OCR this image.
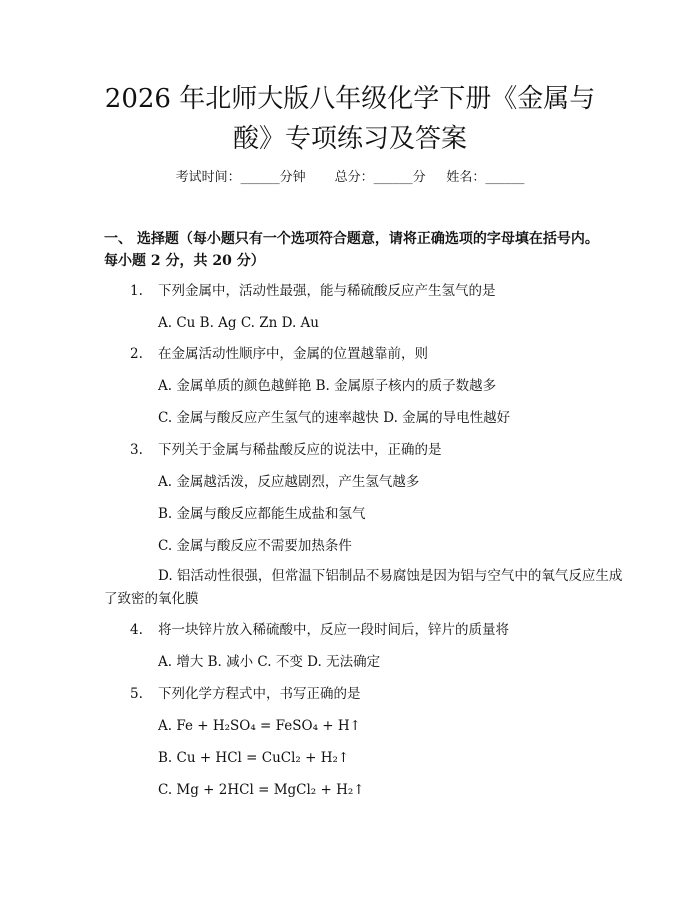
2026 年北师大版八年级化学下册《金属与
酸》专项练习及答案
考试时间：______分钟 总分：______分 姓名：______
一、 选择题（每小题只有一个选项符合题意，请将正确选项的字母填在括号内。
每小题 2 分，共 20 分）
1. 下列金属中，活动性最强，能与稀硫酸反应产生氢气的是
A. Cu B. Ag C. Zn D. Au
2. 在金属活动性顺序中，金属的位置越靠前，则
A. 金属单质的颜色越鲜艳 B. 金属原子核内的质子数越多
C. 金属与酸反应产生氢气的速率越快 D. 金属的导电性越好
3. 下列关于金属与稀盐酸反应的说法中，正确的是
A. 金属越活泼，反应越剧烈，产生氢气越多
B. 金属与酸反应都能生成盐和氢气
C. 金属与酸反应不需要加热条件
D. 铝活动性很强，但常温下铝制品不易腐蚀是因为铝与空气中的氧气反应生成了致密的氧化膜
4. 将一块锌片放入稀硫酸中，反应一段时间后，锌片的质量将
A. 增大 B. 减小 C. 不变 D. 无法确定
5. 下列化学方程式中，书写正确的是
A. Fe + H₂SO₄ = FeSO₄ + H↑
B. Cu + HCl = CuCl₂ + H₂↑
C. Mg + 2HCl = MgCl₂ + H₂↑
